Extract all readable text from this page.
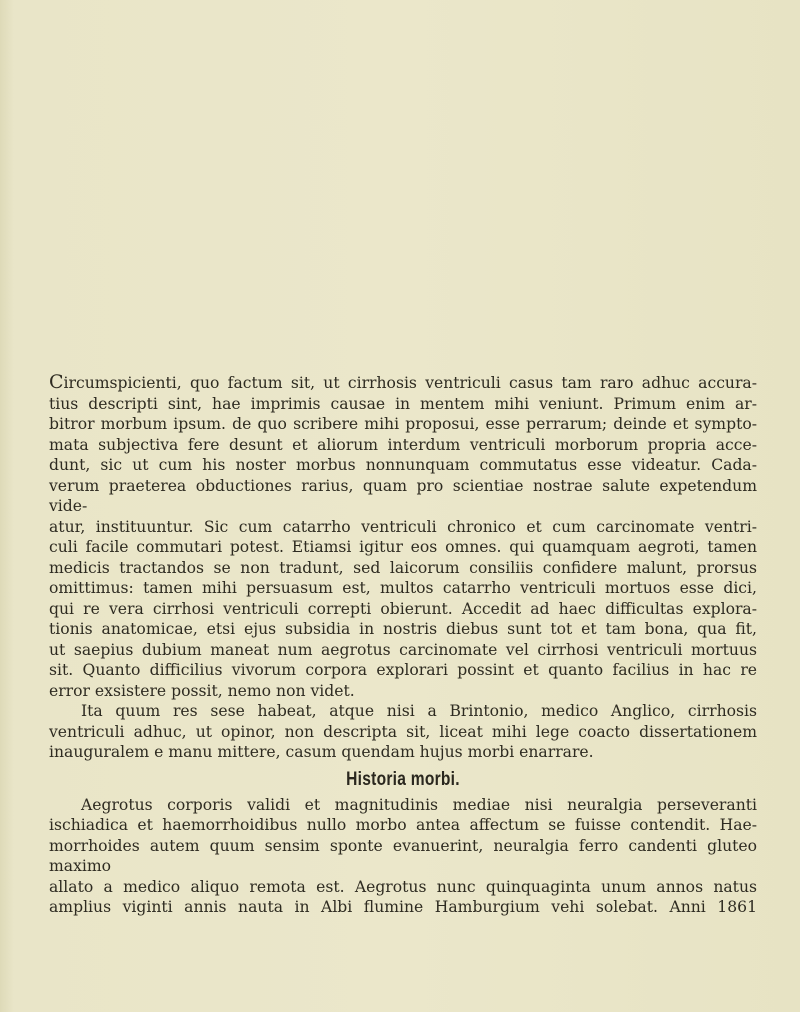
Circumspicienti, quo factum sit, ut cirrhosis ventriculi casus tam raro adhuc accura-
tius descripti sint, hae imprimis causae in mentem mihi veniunt. Primum enim ar-
bitror morbum ipsum. de quo scribere mihi proposui, esse perrarum; deinde et sympto-
mata subjectiva fere desunt et aliorum interdum ventriculi morborum propria acce-
dunt, sic ut cum his noster morbus nonnunquam commutatus esse videatur. Cada-
verum praeterea obductiones rarius, quam pro scientiae nostrae salute expetendum vide-
atur, instituuntur. Sic cum catarrho ventriculi chronico et cum carcinomate ventri-
culi facile commutari potest. Etiamsi igitur eos omnes. qui quamquam aegroti, tamen
medicis tractandos se non tradunt, sed laicorum consiliis confidere malunt, prorsus
omittimus: tamen mihi persuasum est, multos catarrho ventriculi mortuos esse dici,
qui re vera cirrhosi ventriculi correpti obierunt. Accedit ad haec difficultas explora-
tionis anatomicae, etsi ejus subsidia in nostris diebus sunt tot et tam bona, qua fit,
ut saepius dubium maneat num aegrotus carcinomate vel cirrhosi ventriculi mortuus
sit. Quanto difficilius vivorum corpora explorari possint et quanto facilius in hac re
error exsistere possit, nemo non videt.
Ita quum res sese habeat, atque nisi a Brintonio, medico Anglico, cirrhosis
ventriculi adhuc, ut opinor, non descripta sit, liceat mihi lege coacto dissertationem
inauguralem e manu mittere, casum quendam hujus morbi enarrare.
Historia morbi.
Aegrotus corporis validi et magnitudinis mediae nisi neuralgia perseveranti
ischiadica et haemorrhoidibus nullo morbo antea affectum se fuisse contendit. Hae-
morrhoides autem quum sensim sponte evanuerint, neuralgia ferro candenti gluteo maximo
allato a medico aliquo remota est. Aegrotus nunc quinquaginta unum annos natus
amplius viginti annis nauta in Albi flumine Hamburgium vehi solebat. Anni 1861
